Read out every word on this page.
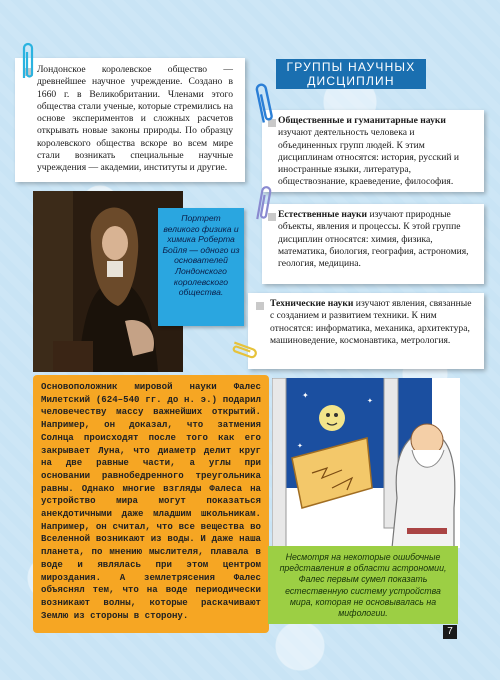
Лондонское королевское общество — древнейшее научное учреждение. Создано в 1660 г. в Великобритании. Членами этого общества стали ученые, которые стремились на основе экспериментов и сложных расчетов открывать новые законы природы. По образцу королевского общества вскоре во всем мире стали возникать специальные научные учреждения — академии, институты и другие.
ГРУППЫ НАУЧНЫХ
ДИСЦИПЛИН
Общественные и гуманитарные науки изучают деятельность человека и объединенных групп людей. К этим дисциплинам относятся: история, русский и иностранные языки, литература, обществознание, краеведение, философия.
Портрет великого физика и химика Роберта Бойля — одного из основателей Лондонского королевского общества.
Естественные науки изучают природные объекты, явления и процессы. К этой группе дисциплин относятся: химия, физика, математика, биология, география, астрономия, геология, медицина.
Технические науки изучают явления, связанные с созданием и развитием техники. К ним относятся: информатика, механика, архитектура, машиноведение, космонавтика, метрология.
Основоположник мировой науки Фалес Милетский (624–540 гг. до н. э.) подарил человечеству массу важнейших открытий. Например, он доказал, что затмения Солнца происходят после того как его закрывает Луна, что диаметр делит круг на две равные части, а углы при основании равнобедренного треугольника равны. Однако многие взгляды Фалеса на устройство мира могут показаться анекдотичными даже младшим школьникам. Например, он считал, что все вещества во Вселенной возникают из воды. И даже наша планета, по мнению мыслителя, плавала в воде и являлась при этом центром мироздания. А землетрясения Фалес объяснял тем, что на воде периодически возникают волны, которые раскачивают Землю из стороны в сторону.
✦
✦
✦
Несмотря на некоторые ошибочные представления в области астрономии, Фалес первым сумел показать естественную систему устройства мира, которая не основывалась на мифологии.
7
